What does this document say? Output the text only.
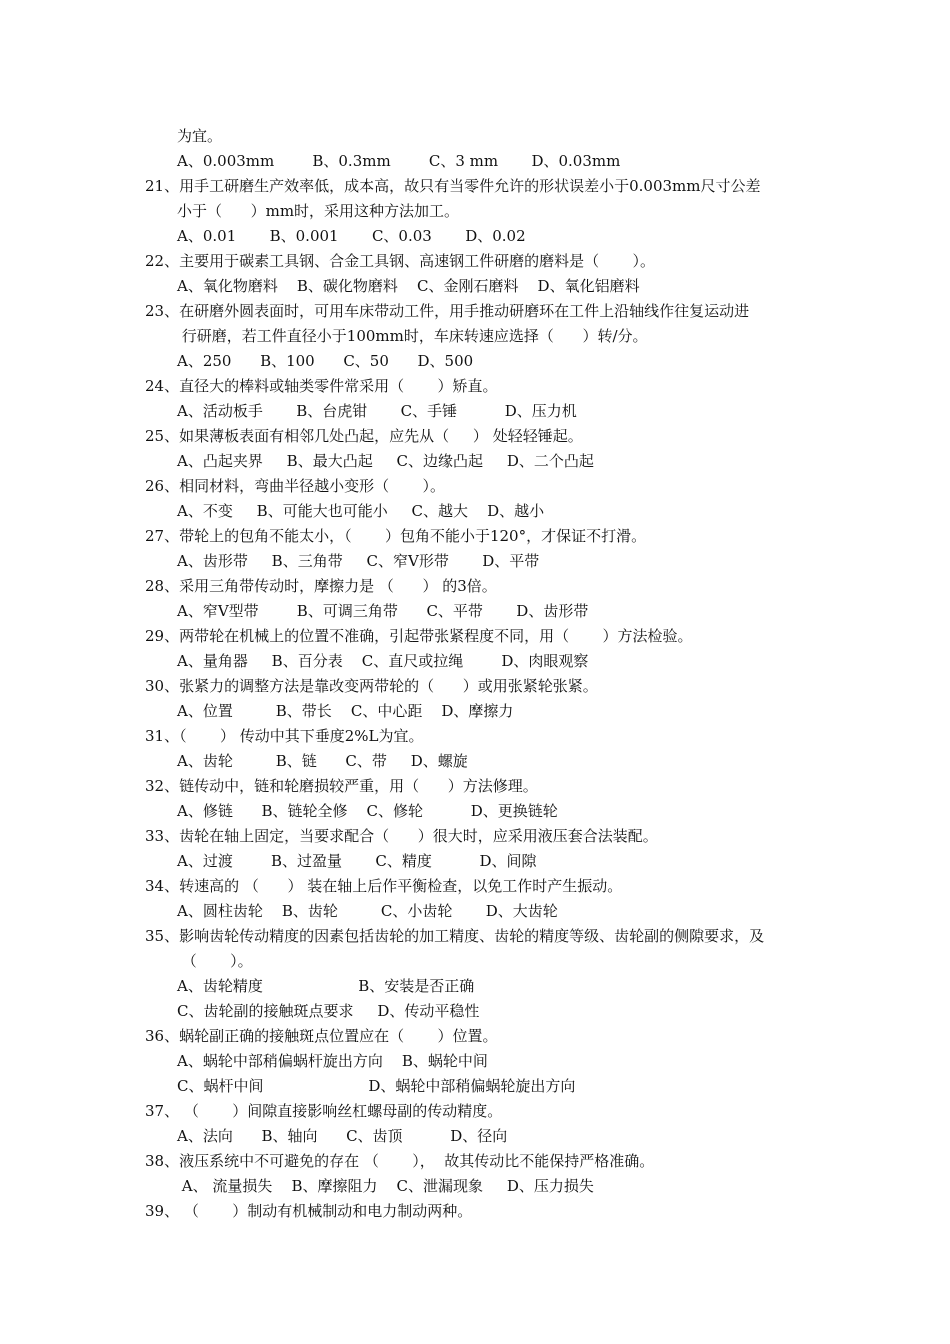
为宜。
A、0.003mm        B、0.3mm        C、3 mm       D、0.03mm
21、用手工研磨生产效率低，成本高，故只有当零件允许的形状误差小于0.003mm尺寸公差
小于（      ）mm时，采用这种方法加工。
A、0.01       B、0.001       C、0.03       D、0.02
22、主要用于碳素工具钢、合金工具钢、高速钢工件研磨的磨料是（       ）。
A、氧化物磨料    B、碳化物磨料    C、金刚石磨料    D、氧化铝磨料
23、在研磨外圆表面时，可用车床带动工件，用手推动研磨环在工件上沿轴线作往复运动进
行研磨，若工件直径小于100mm时，车床转速应选择（      ）转/分。
A、250      B、100      C、50      D、500
24、直径大的棒料或轴类零件常采用（       ）矫直。
A、活动板手       B、台虎钳       C、手锤          D、压力机
25、如果薄板表面有相邻几处凸起，应先从（     ） 处轻轻锤起。
A、凸起夹界     B、最大凸起     C、边缘凸起     D、二个凸起
26、相同材料，弯曲半径越小变形（       ）。
A、不变     B、可能大也可能小     C、越大    D、越小
27、带轮上的包角不能太小，（       ）包角不能小于120°，才保证不打滑。
A、齿形带     B、三角带     C、窄V形带       D、平带
28、采用三角带传动时，摩擦力是 （      ） 的3倍。
A、窄V型带        B、可调三角带      C、平带       D、齿形带
29、两带轮在机械上的位置不准确，引起带张紧程度不同，用（       ）方法检验。
A、量角器     B、百分表    C、直尺或拉绳        D、肉眼观察
30、张紧力的调整方法是靠改变两带轮的（      ）或用张紧轮张紧。
A、位置         B、带长    C、中心距    D、摩擦力
31、（       ） 传动中其下垂度2%L为宜。
A、齿轮         B、链      C、带     D、螺旋
32、链传动中，链和轮磨损较严重，用（      ）方法修理。
A、修链      B、链轮全修    C、修轮          D、更换链轮
33、齿轮在轴上固定，当要求配合（      ）很大时，应采用液压套合法装配。
A、过渡        B、过盈量       C、精度          D、间隙
34、转速高的 （      ） 装在轴上后作平衡检查，以免工作时产生振动。
A、圆柱齿轮    B、齿轮         C、小齿轮       D、大齿轮
35、影响齿轮传动精度的因素包括齿轮的加工精度、齿轮的精度等级、齿轮副的侧隙要求，及
（       ）。
A、齿轮精度                    B、安装是否正确
C、齿轮副的接触斑点要求     D、传动平稳性
36、蜗轮副正确的接触斑点位置应在（       ）位置。
A、蜗轮中部稍偏蜗杆旋出方向    B、蜗轮中间
C、蜗杆中间                      D、蜗轮中部稍偏蜗轮旋出方向
37、 （       ）间隙直接影响丝杠螺母副的传动精度。
A、法向      B、轴向      C、齿顶          D、径向
38、液压系统中不可避免的存在 （       ），  故其传动比不能保持严格准确。
A、 流量损失    B、摩擦阻力    C、泄漏现象     D、压力损失
39、 （       ）制动有机械制动和电力制动两种。
